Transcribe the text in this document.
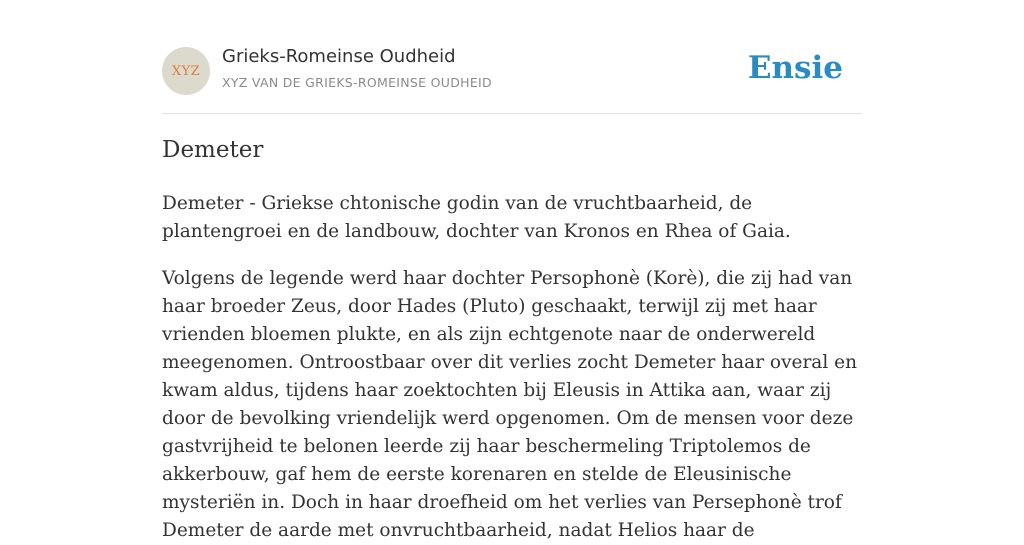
XYZ
Grieks-Romeinse Oudheid
XYZ VAN DE GRIEKS-ROMEINSE OUDHEID	Ensie
Demeter

Demeter - Griekse chtonische godin van de vruchtbaarheid, de plantengroei en de landbouw, dochter van Kronos en Rhea of Gaia.

Volgens de legende werd haar dochter Persophonè (Korè), die zij had van haar broeder Zeus, door Hades (Pluto) geschaakt, terwijl zij met haar vrienden bloemen plukte, en als zijn echtgenote naar de onderwereld meegenomen. Ontroostbaar over dit verlies zocht Demeter haar overal en kwam aldus, tijdens haar zoektochten bij Eleusis in Attika aan, waar zij door de bevolking vriendelijk werd opgenomen. Om de mensen voor deze gastvrijheid te belonen leerde zij haar beschermeling Triptolemos de akkerbouw, gaf hem de eerste korenaren en stelde de Eleusinische mysteriën in. Doch in haar droefheid om het verlies van Persephonè trof Demeter de aarde met onvruchtbaarheid, nadat Helios haar de
